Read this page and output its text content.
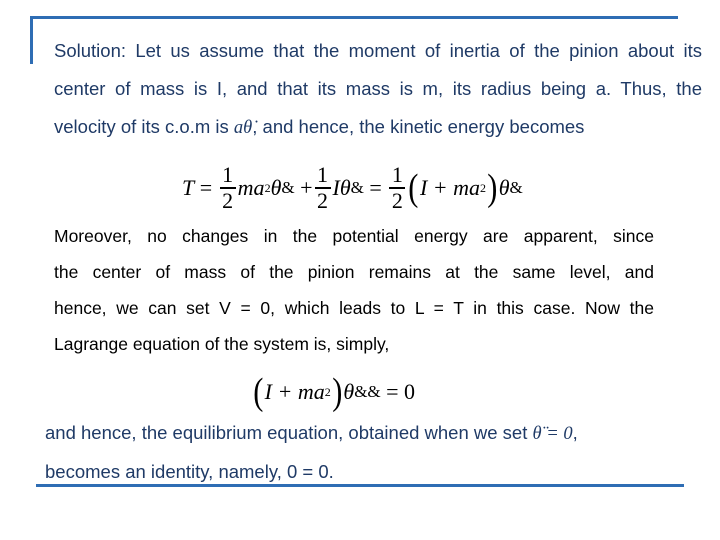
Solution: Let us assume that the moment of inertia of the pinion about its
center of mass is I, and that its mass is m, its radius being a. Thus, the
velocity of its c.o.m is aθ̇, and hence, the kinetic energy becomes
T
=
$\frac{1}{2}$ ma 2 θ &
+ $\frac{1}{2}$ Iθ &
=
$\frac{1}{2}$ ( I + ma 2 ) θ &
Moreover, no changes in the potential energy are apparent, since
the center of mass of the pinion remains at the same level, and
hence, we can set V = 0, which leads to L = T in this case. Now the
Lagrange equation of the system is, simply,
( I + ma 2 ) θ &&
= 0
and hence, the equilibrium equation, obtained when we set θ̈ = 0,
becomes an identity, namely, 0 = 0.
